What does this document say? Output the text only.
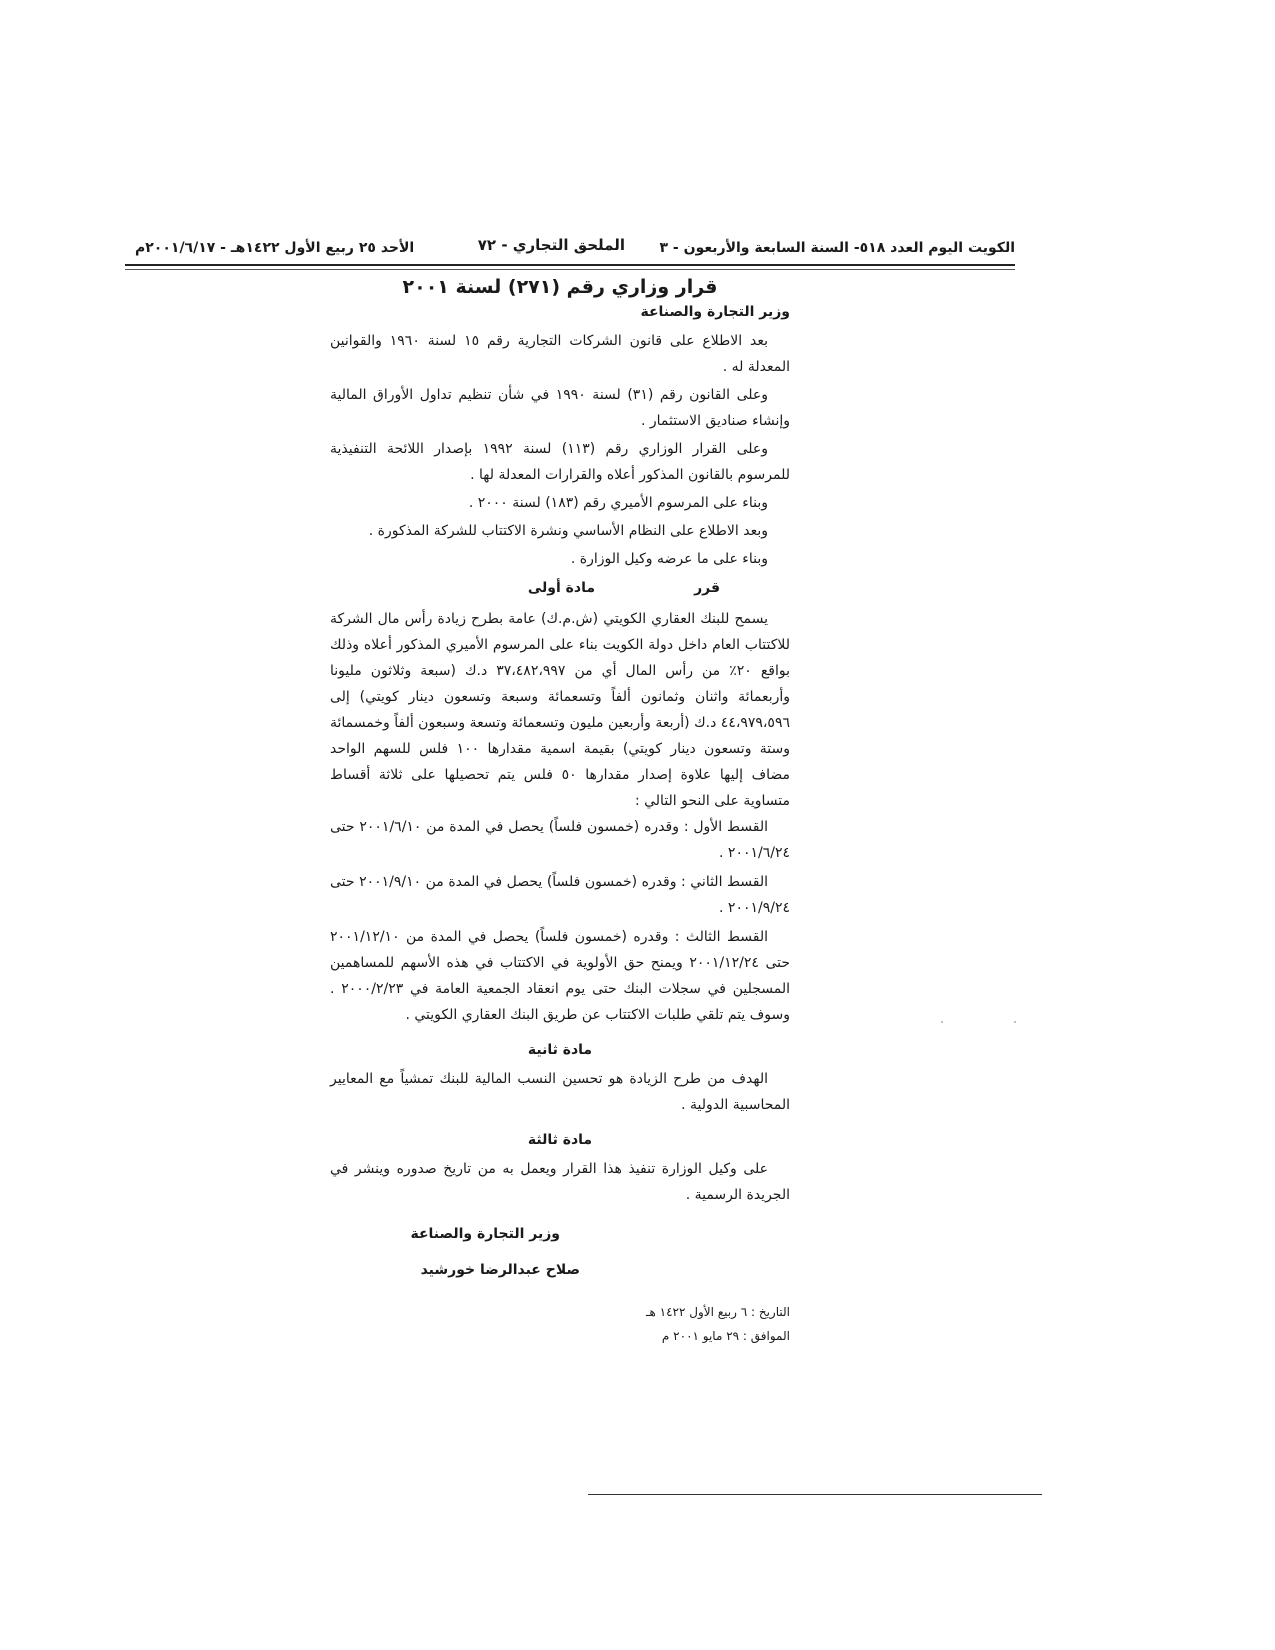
الكويت اليوم العدد ٥١٨- السنة السابعة والأربعون - ٣
الملحق التجاري - ٧٢
الأحد ٢٥ ربيع الأول ١٤٢٢هـ - ٢٠٠١/٦/١٧م
قرار وزاري رقم (٢٧١) لسنة ٢٠٠١
وزير التجارة والصناعة

بعد الاطلاع على قانون الشركات التجارية رقم ١٥ لسنة ١٩٦٠ والقوانين المعدلة له .

وعلى القانون رقم (٣١) لسنة ١٩٩٠ في شأن تنظيم تداول الأوراق المالية وإنشاء صناديق الاستثمار .

وعلى القرار الوزاري رقم (١١٣) لسنة ١٩٩٢ بإصدار اللائحة التنفيذية للمرسوم بالقانون المذكور أعلاه والقرارات المعدلة لها .

وبناء على المرسوم الأميري رقم (١٨٣) لسنة ٢٠٠٠ .

وبعد الاطلاع على النظام الأساسي ونشرة الاكتتاب للشركة المذكورة .

وبناء على ما عرضه وكيل الوزارة .

قرر
مادة أولى

يسمح للبنك العقاري الكويتي (ش.م.ك) عامة بطرح زيادة رأس مال الشركة للاكتتاب العام داخل دولة الكويت بناء على المرسوم الأميري المذكور أعلاه وذلك بواقع ٢٠٪ من رأس المال أي من ٣٧،٤٨٢،٩٩٧ د.ك (سبعة وثلاثون مليونا وأربعمائة واثنان وثمانون ألفاً وتسعمائة وسبعة وتسعون دينار كويتي) إلى ٤٤،٩٧٩،٥٩٦ د.ك (أربعة وأربعين مليون وتسعمائة وتسعة وسبعون ألفاً وخمسمائة وستة وتسعون دينار كويتي) بقيمة اسمية مقدارها ١٠٠ فلس للسهم الواحد مضاف إليها علاوة إصدار مقدارها ٥٠ فلس يتم تحصيلها على ثلاثة أقساط متساوية على النحو التالي :

القسط الأول : وقدره (خمسون فلساً) يحصل في المدة من ٢٠٠١/٦/١٠ حتى ٢٠٠١/٦/٢٤ .

القسط الثاني : وقدره (خمسون فلساً) يحصل في المدة من ٢٠٠١/٩/١٠ حتى ٢٠٠١/٩/٢٤ .

القسط الثالث : وقدره (خمسون فلساً) يحصل في المدة من ٢٠٠١/١٢/١٠ حتى ٢٠٠١/١٢/٢٤ ويمنح حق الأولوية في الاكتتاب في هذه الأسهم للمساهمين المسجلين في سجلات البنك حتى يوم انعقاد الجمعية العامة في ٢٠٠٠/٢/٢٣ . وسوف يتم تلقي طلبات الاكتتاب عن طريق البنك العقاري الكويتي .

مادة ثانية

الهدف من طرح الزيادة هو تحسين النسب المالية للبنك تمشياً مع المعايير المحاسبية الدولية .

مادة ثالثة

على وكيل الوزارة تنفيذ هذا القرار ويعمل به من تاريخ صدوره وينشر في الجريدة الرسمية .

وزير التجارة والصناعة
صلاح عبدالرضا خورشيد
التاريخ : ٦ ربيع الأول ١٤٢٢ هـ
الموافق : ٢٩ مايو ٢٠٠١ م
